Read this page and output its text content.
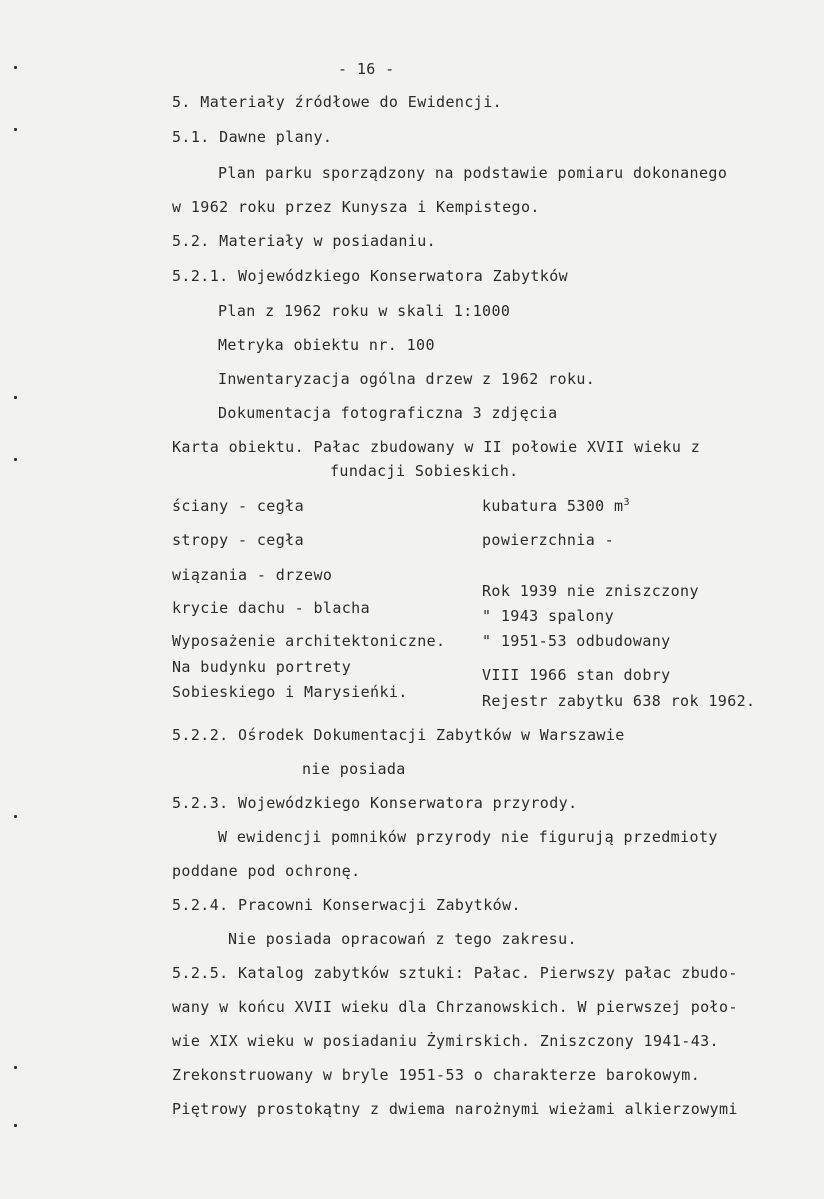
- 16 -
5. Materiały źródłowe do Ewidencji.
5.1. Dawne plany.
Plan parku sporządzony na podstawie pomiaru dokonanego
w 1962 roku przez Kunysza i Kempistego.
5.2. Materiały w posiadaniu.
5.2.1. Wojewódzkiego Konserwatora Zabytków
Plan z 1962 roku w skali 1:1000
Metryka obiektu nr. 100
Inwentaryzacja ogólna drzew z 1962 roku.
Dokumentacja fotograficzna 3 zdjęcia
Karta obiektu. Pałac zbudowany w II połowie XVII wieku z
fundacji Sobieskich.
ściany - cegła
stropy - cegła
wiązania - drzewo
krycie dachu - blacha
Wyposażenie architektoniczne.
Na budynku portrety
Sobieskiego i Marysieńki.
kubatura 5300 $m^3$
powierzchnia -
Rok 1939 nie zniszczony
" 1943 spalony
" 1951-53 odbudowany
VIII 1966 stan dobry
Rejestr zabytku 638 rok 1962.
5.2.2. Ośrodek Dokumentacji Zabytków w Warszawie
nie posiada
5.2.3. Wojewódzkiego Konserwatora przyrody.
W ewidencji pomników przyrody nie figurują przedmioty
poddane pod ochronę.
5.2.4. Pracowni Konserwacji Zabytków.
Nie posiada opracowań z tego zakresu.
5.2.5. Katalog zabytków sztuki: Pałac. Pierwszy pałac zbudo-
wany w końcu XVII wieku dla Chrzanowskich. W pierwszej poło-
wie XIX wieku w posiadaniu Żymirskich. Zniszczony 1941-43.
Zrekonstruowany w bryle 1951-53 o charakterze barokowym.
Piętrowy prostokątny z dwiema narożnymi wieżami alkierzowymi
